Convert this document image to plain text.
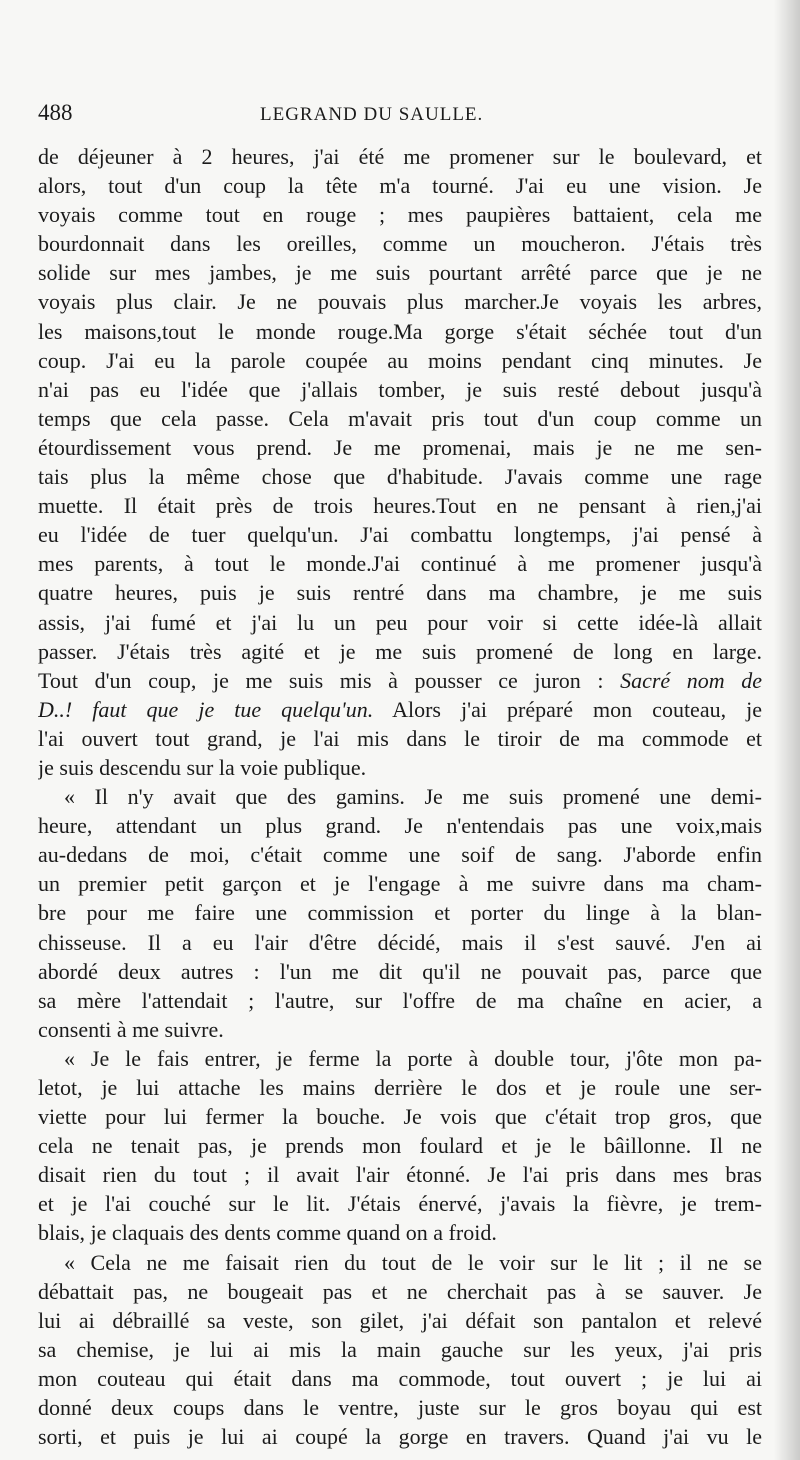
488	LEGRAND DU SAULLE.
de déjeuner à 2 heures, j'ai été me promener sur le boulevard, et
alors, tout d'un coup la tête m'a tourné. J'ai eu une vision. Je
voyais comme tout en rouge ; mes paupières battaient, cela me
bourdonnait dans les oreilles, comme un moucheron. J'étais très
solide sur mes jambes, je me suis pourtant arrêté parce que je ne
voyais plus clair. Je ne pouvais plus marcher.Je voyais les arbres,
les maisons,tout le monde rouge.Ma gorge s'était séchée tout d'un
coup. J'ai eu la parole coupée au moins pendant cinq minutes. Je
n'ai pas eu l'idée que j'allais tomber, je suis resté debout jusqu'à
temps que cela passe. Cela m'avait pris tout d'un coup comme un
étourdissement vous prend. Je me promenai, mais je ne me sen-
tais plus la même chose que d'habitude. J'avais comme une rage
muette. Il était près de trois heures.Tout en ne pensant à rien,j'ai
eu l'idée de tuer quelqu'un. J'ai combattu longtemps, j'ai pensé à
mes parents, à tout le monde.J'ai continué à me promener jusqu'à
quatre heures, puis je suis rentré dans ma chambre, je me suis
assis, j'ai fumé et j'ai lu un peu pour voir si cette idée-là allait
passer. J'étais très agité et je me suis promené de long en large.
Tout d'un coup, je me suis mis à pousser ce juron : Sacré nom de
D..! faut que je tue quelqu'un. Alors j'ai préparé mon couteau, je
l'ai ouvert tout grand, je l'ai mis dans le tiroir de ma commode et
je suis descendu sur la voie publique.
« Il n'y avait que des gamins. Je me suis promené une demi-
heure, attendant un plus grand. Je n'entendais pas une voix,mais
au-dedans de moi, c'était comme une soif de sang. J'aborde enfin
un premier petit garçon et je l'engage à me suivre dans ma cham-
bre pour me faire une commission et porter du linge à la blan-
chisseuse. Il a eu l'air d'être décidé, mais il s'est sauvé. J'en ai
abordé deux autres : l'un me dit qu'il ne pouvait pas, parce que
sa mère l'attendait ; l'autre, sur l'offre de ma chaîne en acier, a
consenti à me suivre.
« Je le fais entrer, je ferme la porte à double tour, j'ôte mon pa-
letot, je lui attache les mains derrière le dos et je roule une ser-
viette pour lui fermer la bouche. Je vois que c'était trop gros, que
cela ne tenait pas, je prends mon foulard et je le bâillonne. Il ne
disait rien du tout ; il avait l'air étonné. Je l'ai pris dans mes bras
et je l'ai couché sur le lit. J'étais énervé, j'avais la fièvre, je trem-
blais, je claquais des dents comme quand on a froid.
« Cela ne me faisait rien du tout de le voir sur le lit ; il ne se
débattait pas, ne bougeait pas et ne cherchait pas à se sauver. Je
lui ai débraillé sa veste, son gilet, j'ai défait son pantalon et relevé
sa chemise, je lui ai mis la main gauche sur les yeux, j'ai pris
mon couteau qui était dans ma commode, tout ouvert ; je lui ai
donné deux coups dans le ventre, juste sur le gros boyau qui est
sorti, et puis je lui ai coupé la gorge en travers. Quand j'ai vu le
